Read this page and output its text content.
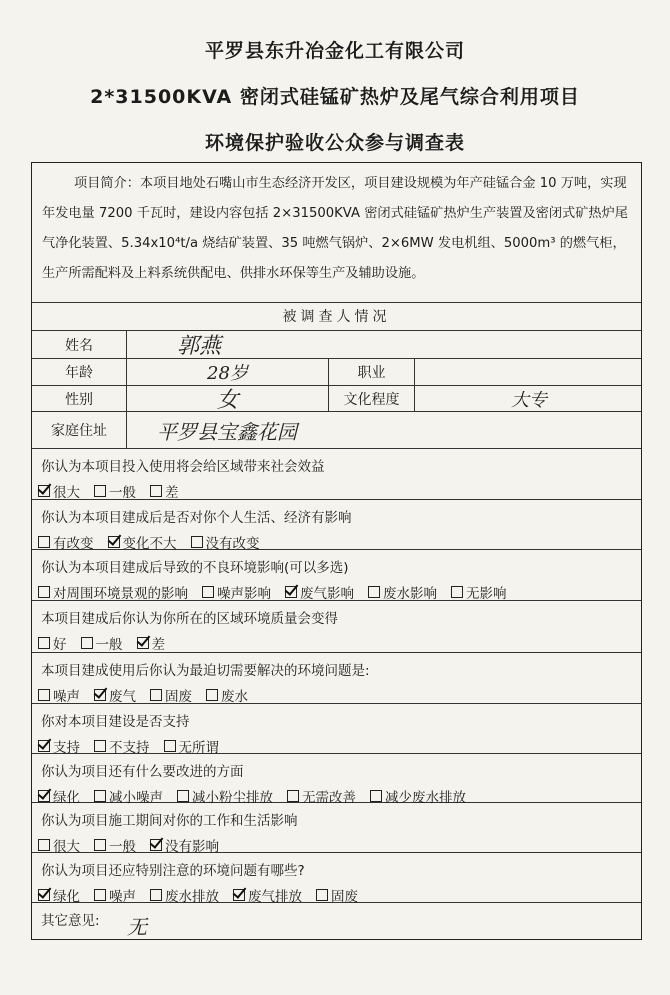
平罗县东升冶金化工有限公司
2*31500KVA 密闭式硅锰矿热炉及尾气综合利用项目
环境保护验收公众参与调查表
项目简介：本项目地处石嘴山市生态经济开发区，项目建设规模为年产硅锰合金 10 万吨，实现年发电量 7200 千瓦时，建设内容包括 2×31500KVA 密闭式硅锰矿热炉生产装置及密闭式矿热炉尾气净化装置、5.34x10⁴t/a 烧结矿装置、35 吨燃气锅炉、2×6MW 发电机组、5000m³ 的燃气柜，生产所需配料及上料系统供配电、供排水环保等生产及辅助设施。
被调查人情况
姓名	郭燕
年龄	28岁	职业
性别	女	文化程度	大专
家庭住址	平罗县宝鑫花园
你认为本项目投入使用将会给区域带来社会效益
很大 一般 差
你认为本项目建成后是否对你个人生活、经济有影响
有改变 变化不大 没有改变
你认为本项目建成后导致的不良环境影响(可以多选)
对周围环境景观的影响 噪声影响 废气影响 废水影响 无影响
本项目建成后你认为你所在的区域环境质量会变得
好 一般 差
本项目建成使用后你认为最迫切需要解决的环境问题是:
噪声 废气 固废 废水
你对本项目建设是否支持
支持 不支持 无所谓
你认为项目还有什么要改进的方面
绿化 减小噪声 减小粉尘排放 无需改善 减少废水排放
你认为项目施工期间对你的工作和生活影响
很大 一般 没有影响
你认为项目还应特别注意的环境问题有哪些?
绿化 噪声 废水排放 废气排放 固废
其它意见: 无
